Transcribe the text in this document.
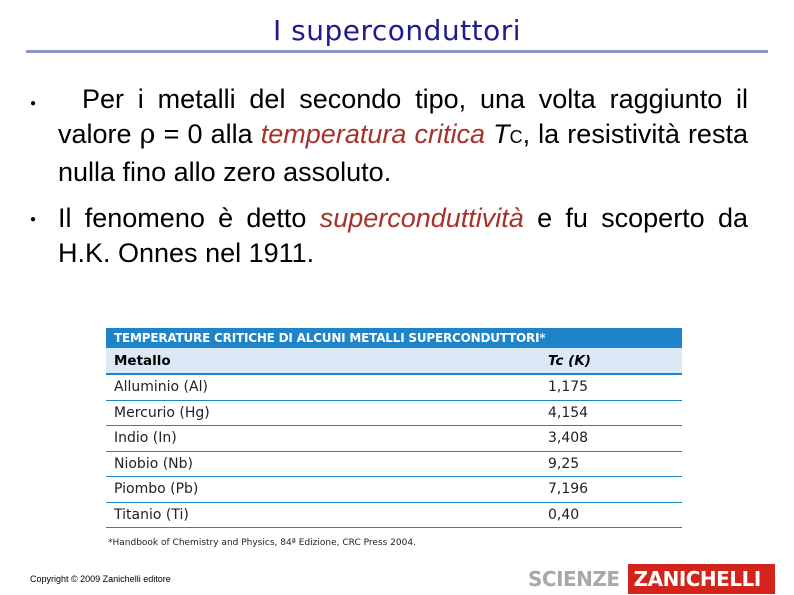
I superconduttori
●	Per i metalli del secondo tipo, una volta raggiunto il valore ρ = 0 alla temperatura critica TC, la resistività resta nulla fino allo zero assoluto.
● Il fenomeno è detto superconduttività e fu scoperto da H.K. Onnes nel 1911.
TEMPERATURE CRITICHE DI ALCUNI METALLI SUPERCONDUTTORI*	
Metallo	Tc (K)
Alluminio (Al)	1,175
Mercurio (Hg)	4,154
Indio (In)	3,408
Niobio (Nb)	9,25
Piombo (Pb)	7,196
Titanio (Ti)	0,40
*Handbook of Chemistry and Physics, 84ª Edizione, CRC Press 2004.
Copyright © 2009 Zanichelli editore	SCIENZE ZANICHELLI
